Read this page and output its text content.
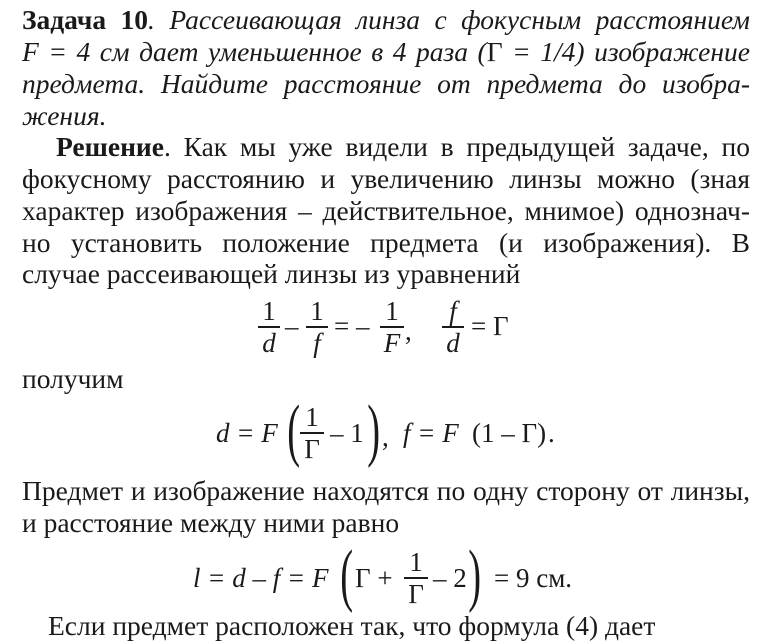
Задача 10. Рассеивающая линза с фокусным расстоянием
F = 4 см дает уменьшенное в 4 раза (Γ = 1/4) изображение
предмета. Найдите расстояние от предмета до изобра-
жения.
Решение. Как мы уже видели в предыдущей задаче, по
фокусному расстоянию и увеличению линзы можно (зная
характер изображения – действительное, мнимое) однознач-
но установить положение предмета (и изображения). В
случае рассеивающей линзы из уравнений
1
d
– 1
f
= – 1
F ,
f
d
= Γ
получим
d = F ( 1
Γ
– 1 ) , f = F (1 – Γ) .
Предмет и изображение находятся по одну сторону от линзы,
и расстояние между ними равно
l = d – f = F ( Γ +
1
Γ
– 2 ) = 9 см.
Если предмет расположен так, что формула (4) дает
